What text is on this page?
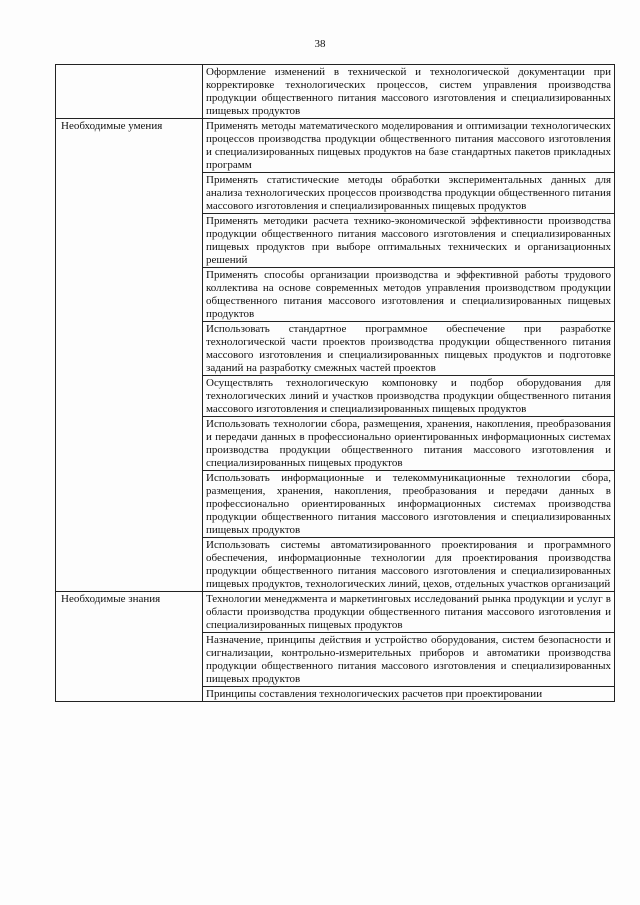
38
	Оформление изменений в технической и технологической документации при корректировке технологических процессов, систем управления производства продукции общественного питания массового изготовления и специализированных пищевых продуктов
Необходимые умения	Применять методы математического моделирования и оптимизации технологических процессов производства продукции общественного питания массового изготовления и специализированных пищевых продуктов на базе стандартных пакетов прикладных программ
	Применять статистические методы обработки экспериментальных данных для анализа технологических процессов производства продукции общественного питания массового изготовления и специализированных пищевых продуктов
	Применять методики расчета технико-экономической эффективности производства продукции общественного питания массового изготовления и специализированных пищевых продуктов при выборе оптимальных технических и организационных решений
	Применять способы организации производства и эффективной работы трудового коллектива на основе современных методов управления производством продукции общественного питания массового изготовления и специализированных пищевых продуктов
	Использовать стандартное программное обеспечение при разработке технологической части проектов производства продукции общественного питания массового изготовления и специализированных пищевых продуктов и подготовке заданий на разработку смежных частей проектов
	Осуществлять технологическую компоновку и подбор оборудования для технологических линий и участков производства продукции общественного питания массового изготовления и специализированных пищевых продуктов
	Использовать технологии сбора, размещения, хранения, накопления, преобразования и передачи данных в профессионально ориентированных информационных системах производства продукции общественного питания массового изготовления и специализированных пищевых продуктов
	Использовать информационные и телекоммуникационные технологии сбора, размещения, хранения, накопления, преобразования и передачи данных в профессионально ориентированных информационных системах производства продукции общественного питания массового изготовления и специализированных пищевых продуктов
	Использовать системы автоматизированного проектирования и программного обеспечения, информационные технологии для проектирования производства продукции общественного питания массового изготовления и специализированных пищевых продуктов, технологических линий, цехов, отдельных участков организаций
Необходимые знания	Технологии менеджмента и маркетинговых исследований рынка продукции и услуг в области производства продукции общественного питания массового изготовления и специализированных пищевых продуктов
	Назначение, принципы действия и устройство оборудования, систем безопасности и сигнализации, контрольно-измерительных приборов и автоматики производства продукции общественного питания массового изготовления и специализированных пищевых продуктов
	Принципы составления технологических расчетов при проектировании
